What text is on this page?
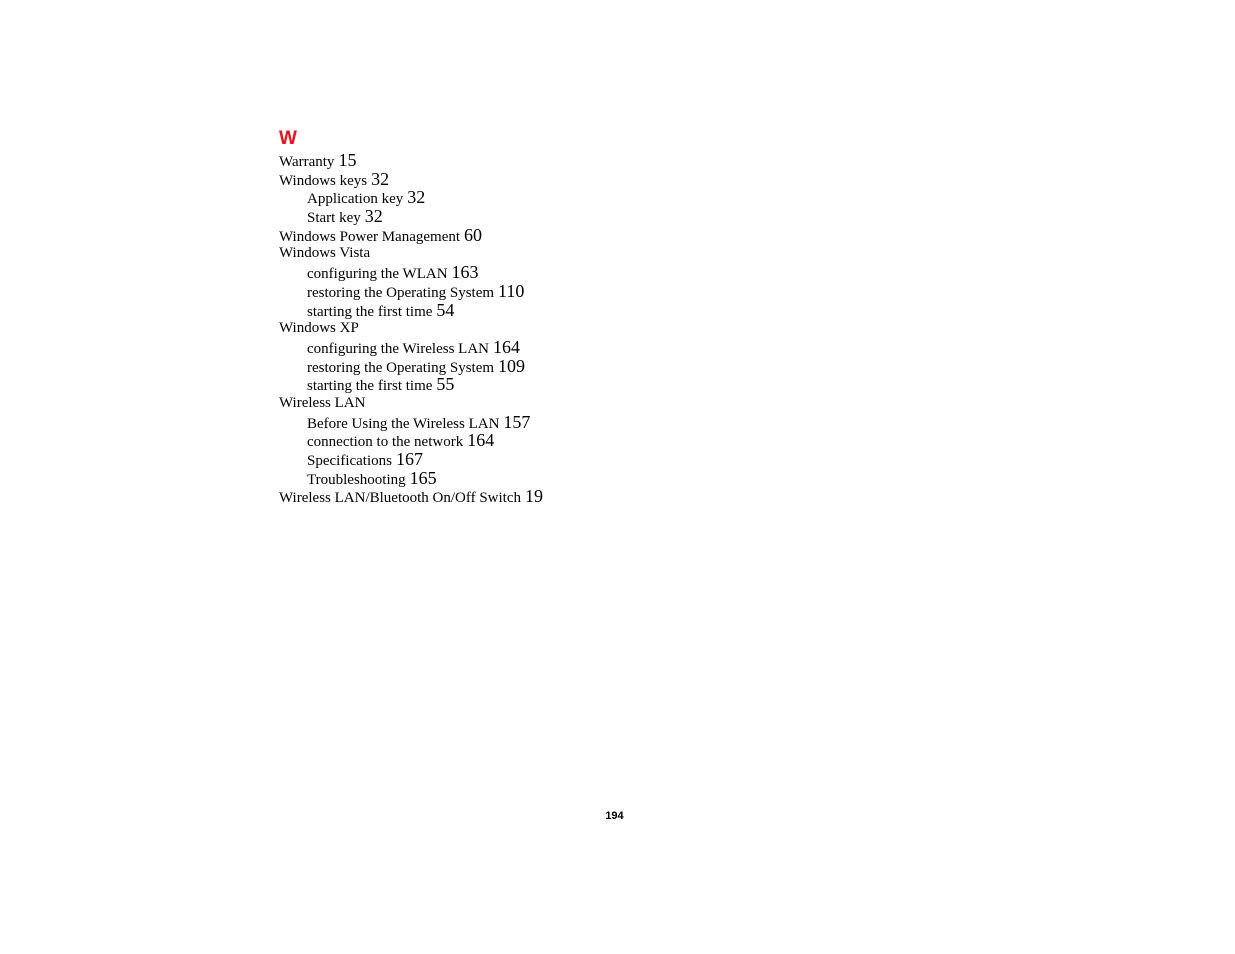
W
Warranty 15
Windows keys 32
Application key 32
Start key 32
Windows Power Management 60
Windows Vista
configuring the WLAN 163
restoring the Operating System 110
starting the first time 54
Windows XP
configuring the Wireless LAN 164
restoring the Operating System 109
starting the first time 55
Wireless LAN
Before Using the Wireless LAN 157
connection to the network 164
Specifications 167
Troubleshooting 165
Wireless LAN/Bluetooth On/Off Switch 19
194
